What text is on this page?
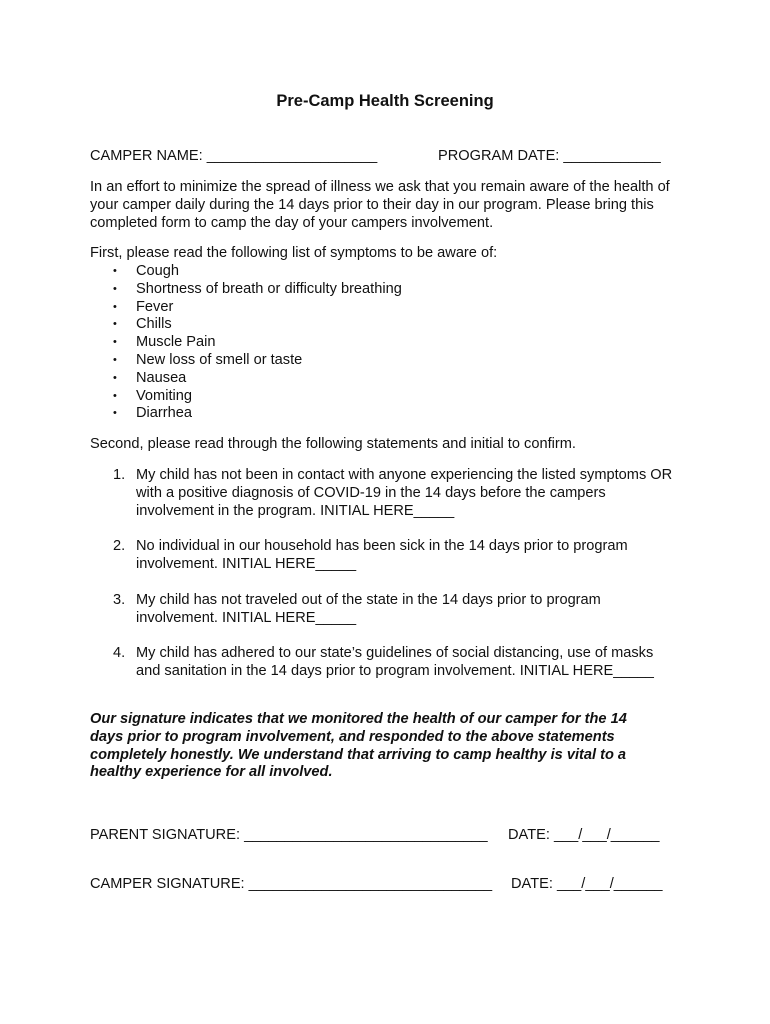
Pre-Camp Health Screening
CAMPER NAME: _____________________	PROGRAM DATE: ____________
In an effort to minimize the spread of illness we ask that you remain aware of the health of your camper daily during the 14 days prior to their day in our program. Please bring this completed form to camp the day of your campers involvement.
First, please read the following list of symptoms to be aware of:
• Cough
• Shortness of breath or difficulty breathing
• Fever
• Chills
• Muscle Pain
• New loss of smell or taste
• Nausea
• Vomiting
• Diarrhea
Second, please read through the following statements and initial to confirm.
1. My child has not been in contact with anyone experiencing the listed symptoms OR with a positive diagnosis of COVID-19 in the 14 days before the campers involvement in the program. INITIAL HERE_____
2. No individual in our household has been sick in the 14 days prior to program involvement. INITIAL HERE_____
3. My child has not traveled out of the state in the 14 days prior to program involvement. INITIAL HERE_____
4. My child has adhered to our state’s guidelines of social distancing, use of masks and sanitation in the 14 days prior to program involvement. INITIAL HERE_____
Our signature indicates that we monitored the health of our camper for the 14 days prior to program involvement, and responded to the above statements completely honestly. We understand that arriving to camp healthy is vital to a healthy experience for all involved.
PARENT SIGNATURE: ______________________________ DATE: ___/___/______
CAMPER SIGNATURE: ______________________________ DATE: ___/___/______
